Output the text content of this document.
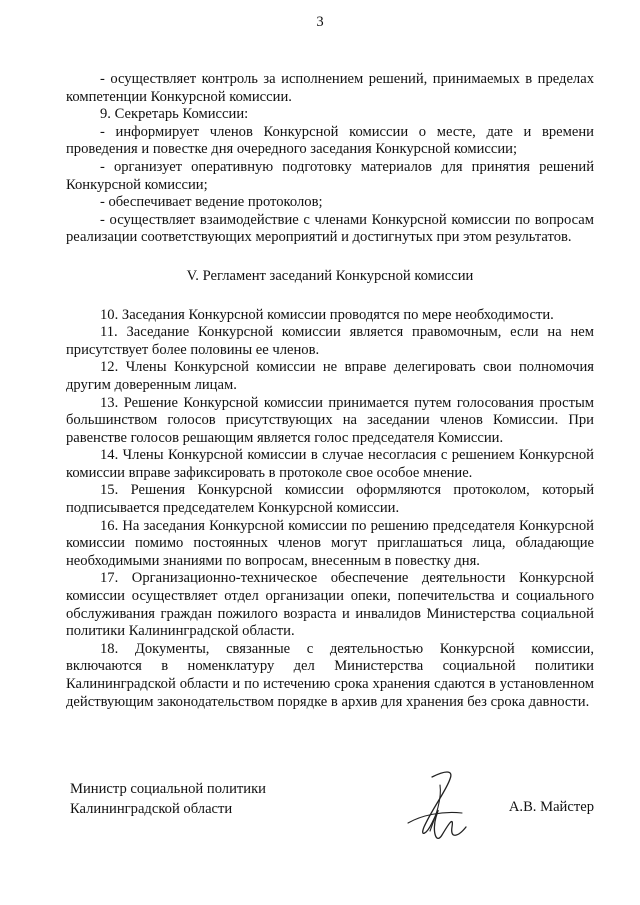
3

- осуществляет контроль за исполнением решений, принимаемых в пределах компетенции Конкурсной комиссии.

9. Секретарь Комиссии:

- информирует членов Конкурсной комиссии о месте, дате и времени проведения и повестке дня очередного заседания Конкурсной комиссии;

- организует оперативную подготовку материалов для принятия решений Конкурсной комиссии;

- обеспечивает ведение протоколов;

- осуществляет взаимодействие с членами Конкурсной комиссии по вопросам реализации соответствующих мероприятий и достигнутых при этом результатов.

V. Регламент заседаний Конкурсной комиссии

10. Заседания Конкурсной комиссии проводятся по мере необходимости.

11. Заседание Конкурсной комиссии является правомочным, если на нем присутствует более половины ее членов.

12. Члены Конкурсной комиссии не вправе делегировать свои полномочия другим доверенным лицам.

13. Решение Конкурсной комиссии принимается путем голосования простым большинством голосов присутствующих на заседании членов Комиссии. При равенстве голосов решающим является голос председателя Комиссии.

14. Члены Конкурсной комиссии в случае несогласия с решением Конкурсной комиссии вправе зафиксировать в протоколе свое особое мнение.

15. Решения Конкурсной комиссии оформляются протоколом, который подписывается председателем Конкурсной комиссии.

16. На заседания Конкурсной комиссии по решению председателя Конкурсной комиссии помимо постоянных членов могут приглашаться лица, обладающие необходимыми знаниями по вопросам, внесенным в повестку дня.

17. Организационно-техническое обеспечение деятельности Конкурсной комиссии осуществляет отдел организации опеки, попечительства и социального обслуживания граждан пожилого возраста и инвалидов Министерства социальной политики Калининградской области.

18. Документы, связанные с деятельностью Конкурсной комиссии, включаются в номенклатуру дел Министерства социальной политики Калининградской области и по истечению срока хранения сдаются в установленном действующим законодательством порядке в архив для хранения без срока давности.

Министр социальной политики
Калининградской области	А.В. Майстер
